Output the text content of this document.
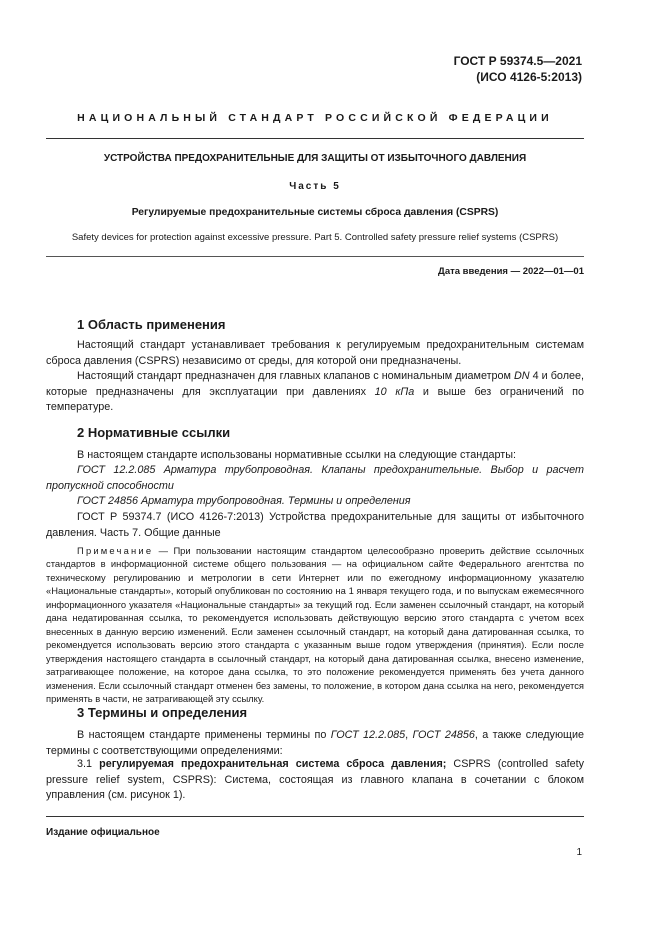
ГОСТ Р 59374.5—2021
(ИСО 4126-5:2013)
НАЦИОНАЛЬНЫЙ СТАНДАРТ РОССИЙСКОЙ ФЕДЕРАЦИИ
УСТРОЙСТВА ПРЕДОХРАНИТЕЛЬНЫЕ ДЛЯ ЗАЩИТЫ ОТ ИЗБЫТОЧНОГО ДАВЛЕНИЯ
Часть 5
Регулируемые предохранительные системы сброса давления (CSPRS)
Safety devices for protection against excessive pressure. Part 5. Controlled safety pressure relief systems (CSPRS)
Дата введения — 2022—01—01
1 Область применения
Настоящий стандарт устанавливает требования к регулируемым предохранительным системам сброса давления (CSPRS) независимо от среды, для которой они предназначены.
Настоящий стандарт предназначен для главных клапанов с номинальным диаметром DN 4 и более, которые предназначены для эксплуатации при давлениях 10 кПа и выше без ограничений по температуре.
2 Нормативные ссылки
В настоящем стандарте использованы нормативные ссылки на следующие стандарты:
ГОСТ 12.2.085 Арматура трубопроводная. Клапаны предохранительные. Выбор и расчет пропускной способности
ГОСТ 24856 Арматура трубопроводная. Термины и определения
ГОСТ Р 59374.7 (ИСО 4126-7:2013) Устройства предохранительные для защиты от избыточного давления. Часть 7. Общие данные
Примечание — При пользовании настоящим стандартом целесообразно проверить действие ссылочных стандартов в информационной системе общего пользования — на официальном сайте Федерального агентства по техническому регулированию и метрологии в сети Интернет или по ежегодному информационному указателю «Национальные стандарты», который опубликован по состоянию на 1 января текущего года, и по выпускам ежемесячного информационного указателя «Национальные стандарты» за текущий год. Если заменен ссылочный стандарт, на который дана недатированная ссылка, то рекомендуется использовать действующую версию этого стандарта с учетом всех внесенных в данную версию изменений. Если заменен ссылочный стандарт, на который дана датированная ссылка, то рекомендуется использовать версию этого стандарта с указанным выше годом утверждения (принятия). Если после утверждения настоящего стандарта в ссылочный стандарт, на который дана датированная ссылка, внесено изменение, затрагивающее положение, на которое дана ссылка, то это положение рекомендуется применять без учета данного изменения. Если ссылочный стандарт отменен без замены, то положение, в котором дана ссылка на него, рекомендуется применять в части, не затрагивающей эту ссылку.
3 Термины и определения
В настоящем стандарте применены термины по ГОСТ 12.2.085, ГОСТ 24856, а также следующие термины с соответствующими определениями:
3.1 регулируемая предохранительная система сброса давления; CSPRS (controlled safety pressure relief system, CSPRS): Система, состоящая из главного клапана в сочетании с блоком управления (см. рисунок 1).
Издание официальное
1
